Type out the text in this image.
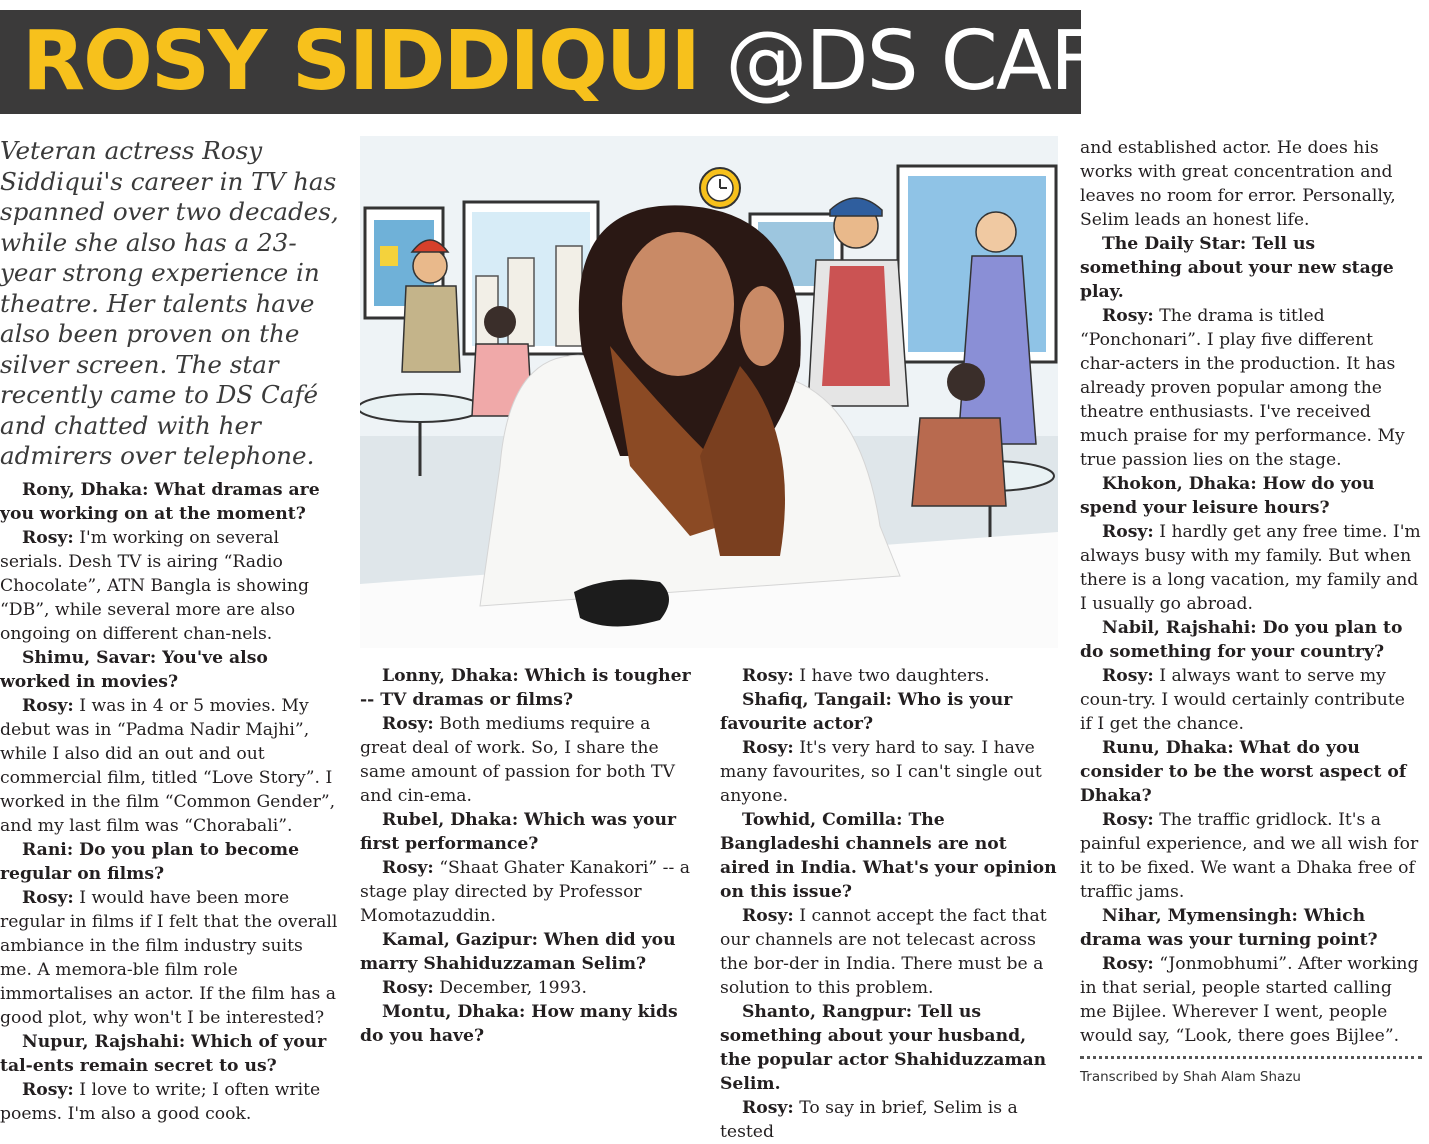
ROSY SIDDIQUI @DS CAFÉ

Veteran actress Rosy Siddiqui's career in TV has spanned over two decades, while she also has a 23-year strong experience in theatre. Her talents have also been proven on the silver screen. The star recently came to DS Café and chatted with her admirers over telephone.

Rony, Dhaka: What dramas are you working on at the moment?

Rosy: I'm working on several serials. Desh TV is airing “Radio Chocolate”, ATN Bangla is showing “DB”, while several more are also ongoing on different chan-nels.

Shimu, Savar: You've also worked in movies?

Rosy: I was in 4 or 5 movies. My debut was in “Padma Nadir Majhi”, while I also did an out and out commercial film, titled “Love Story”. I worked in the film “Common Gender”, and my last film was “Chorabali”.

Rani: Do you plan to become regular on films?

Rosy: I would have been more regular in films if I felt that the overall ambiance in the film industry suits me. A memora-ble film role immortalises an actor. If the film has a good plot, why won't I be interested?

Nupur, Rajshahi: Which of your tal-ents remain secret to us?

Rosy: I love to write; I often write poems. I'm also a good cook.

Lonny, Dhaka: Which is tougher -- TV dramas or films?

Rosy: Both mediums require a great deal of work. So, I share the same amount of passion for both TV and cin-ema.

Rubel, Dhaka: Which was your first performance?

Rosy: “Shaat Ghater Kanakori” -- a stage play directed by Professor Momotazuddin.

Kamal, Gazipur: When did you marry Shahiduzzaman Selim?

Rosy: December, 1993.

Montu, Dhaka: How many kids do you have?

Rosy: I have two daughters.

Shafiq, Tangail: Who is your favourite actor?

Rosy: It's very hard to say. I have many favourites, so I can't single out anyone.

Towhid, Comilla: The Bangladeshi channels are not aired in India. What's your opinion on this issue?

Rosy: I cannot accept the fact that our channels are not telecast across the bor-der in India. There must be a solution to this problem.

Shanto, Rangpur: Tell us something about your husband, the popular actor Shahiduzzaman Selim.

Rosy: To say in brief, Selim is a tested

and established actor. He does his works with great concentration and leaves no room for error. Personally, Selim leads an honest life.

The Daily Star: Tell us something about your new stage play.

Rosy: The drama is titled “Ponchonari”. I play five different char-acters in the production. It has already proven popular among the theatre enthusiasts. I've received much praise for my performance. My true passion lies on the stage.

Khokon, Dhaka: How do you spend your leisure hours?

Rosy: I hardly get any free time. I'm always busy with my family. But when there is a long vacation, my family and I usually go abroad.

Nabil, Rajshahi: Do you plan to do something for your country?

Rosy: I always want to serve my coun-try. I would certainly contribute if I get the chance.

Runu, Dhaka: What do you consider to be the worst aspect of Dhaka?

Rosy: The traffic gridlock. It's a painful experience, and we all wish for it to be fixed. We want a Dhaka free of traffic jams.

Nihar, Mymensingh: Which drama was your turning point?

Rosy: “Jonmobhumi”. After working in that serial, people started calling me Bijlee. Wherever I went, people would say, “Look, there goes Bijlee”.

Transcribed by Shah Alam Shazu
